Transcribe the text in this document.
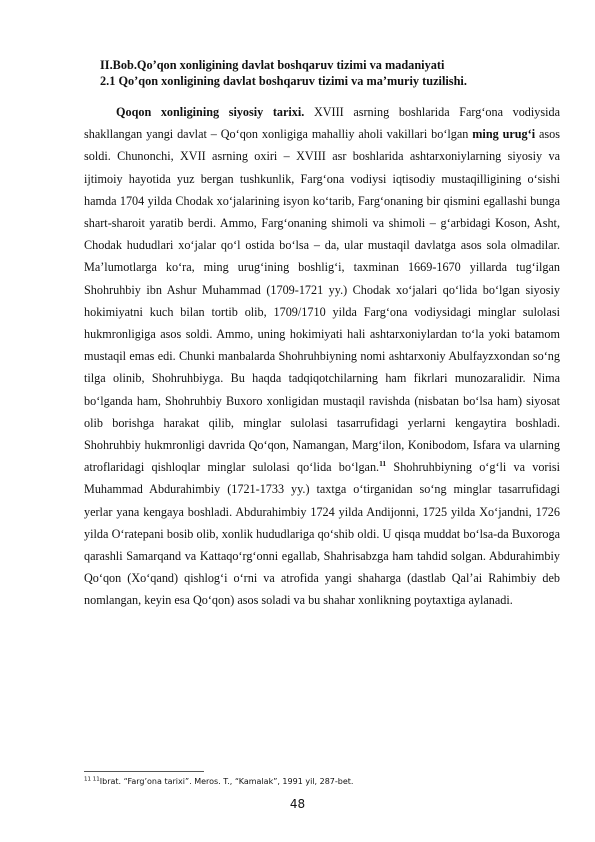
II.Bob.Qo’qon xonligining davlat boshqaruv tizimi va madaniyati
2.1 Qo’qon xonligining davlat boshqaruv tizimi va ma’muriy tuzilishi.

Qoqon xonligining siyosiy tarixi. XVIII asrning boshlarida Farg‘ona vodiysida shakllangan yangi davlat – Qo‘qon xonligiga mahalliy aholi vakillari bo‘lgan ming urug‘i asos soldi. Chunonchi, XVII asrning oxiri – XVIII asr boshlarida ashtarxoniylarning siyosiy va ijtimoiy hayotida yuz bergan tushkunlik, Farg‘ona vodiysi iqtisodiy mustaqilligining o‘sishi hamda 1704 yilda Chodak xo‘jalarining isyon ko‘tarib, Farg‘onaning bir qismini egallashi bunga shart-sharoit yaratib berdi. Ammo, Farg‘onaning shimoli va shimoli – g‘arbidagi Koson, Asht, Chodak hududlari xo‘jalar qo‘l ostida bo‘lsa – da, ular mustaqil davlatga asos sola olmadilar. Ma’lumotlarga ko‘ra, ming urug‘ining boshlig‘i, taxminan 1669-1670 yillarda tug‘ilgan Shohruhbiy ibn Ashur Muhammad (1709-1721 yy.) Chodak xo‘jalari qo‘lida bo‘lgan siyosiy hokimiyatni kuch bilan tortib olib, 1709/1710 yilda Farg‘ona vodiysidagi minglar sulolasi hukmronligiga asos soldi. Ammo, uning hokimiyati hali ashtarxoniylardan to‘la yoki batamom mustaqil emas edi. Chunki manbalarda Shohruhbiyning nomi ashtarxoniy Abulfayzxondan so‘ng tilga olinib, Shohruhbiyga. Bu haqda tadqiqotchilarning ham fikrlari munozaralidir. Nima bo‘lganda ham, Shohruhbiy Buxoro xonligidan mustaqil ravishda (nisbatan bo‘lsa ham) siyosat olib borishga harakat qilib, minglar sulolasi tasarrufidagi yerlarni kengaytira boshladi. Shohruhbiy hukmronligi davrida Qo‘qon, Namangan, Marg‘ilon, Konibodom, Isfara va ularning atroflaridagi qishloqlar minglar sulolasi qo‘lida bo‘lgan.$^{11}$ Shohruhbiyning o‘g‘li va vorisi Muhammad Abdurahimbiy (1721-1733 yy.) taxtga o‘tirganidan so‘ng minglar tasarrufidagi yerlar yana kengaya boshladi. Abdurahimbiy 1724 yilda Andijonni, 1725 yilda Xo‘jandni, 1726 yilda O‘ratepani bosib olib, xonlik hududlariga qo‘shib oldi. U qisqa muddat bo‘lsa-da Buxoroga qarashli Samarqand va Kattaqo‘rg‘onni egallab, Shahrisabzga ham tahdid solgan. Abdurahimbiy Qo‘qon (Xo‘qand) qishlog‘i o‘rni va atrofida yangi shaharga (dastlab Qal’ai Rahimbiy deb nomlangan, keyin esa Qo‘qon) asos soladi va bu shahar xonlikning poytaxtiga aylanadi.

$^{11 11}$Ibrat. “Farg’ona tarixi”. Meros. T., “Kamalak”, 1991 yil, 287-bet.
48
